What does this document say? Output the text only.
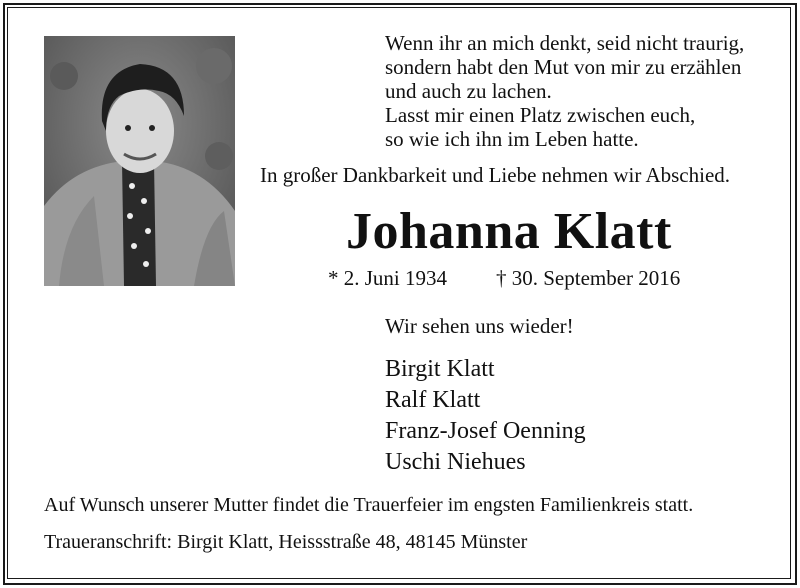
Wenn ihr an mich denkt, seid nicht traurig,
sondern habt den Mut von mir zu erzählen
und auch zu lachen.
Lasst mir einen Platz zwischen euch,
so wie ich ihn im Leben hatte.
In großer Dankbarkeit und Liebe nehmen wir Abschied.
Johanna Klatt
* 2. Juni 1934 † 30. September 2016
Wir sehen uns wieder!
Birgit Klatt
Ralf Klatt
Franz-Josef Oenning
Uschi Niehues
Auf Wunsch unserer Mutter findet die Trauerfeier im engsten Familienkreis statt.
Traueranschrift: Birgit Klatt, Heissstraße 48, 48145 Münster
